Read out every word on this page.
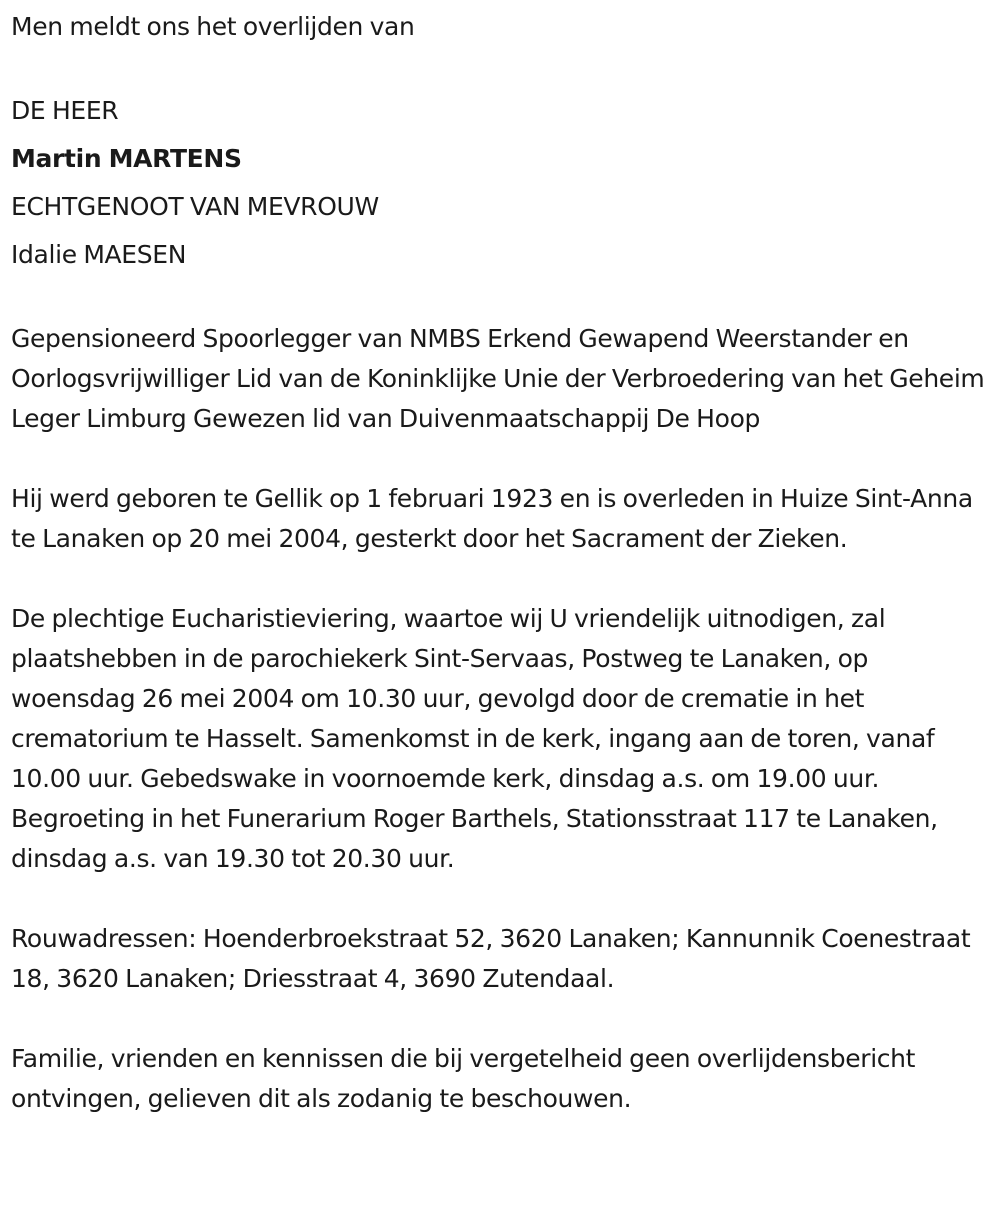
Men meldt ons het overlijden van

DE HEER

Martin MARTENS

ECHTGENOOT VAN MEVROUW

Idalie MAESEN

Gepensioneerd Spoorlegger van NMBS Erkend Gewapend Weerstander en Oorlogsvrijwilliger Lid van de Koninklijke Unie der Verbroedering van het Geheim Leger Limburg Gewezen lid van Duivenmaatschappij De Hoop

Hij werd geboren te Gellik op 1 februari 1923 en is overleden in Huize Sint-Anna te Lanaken op 20 mei 2004, gesterkt door het Sacrament der Zieken.

De plechtige Eucharistieviering, waartoe wij U vriendelijk uitnodigen, zal plaatshebben in de parochiekerk Sint-Servaas, Postweg te Lanaken, op woensdag 26 mei 2004 om 10.30 uur, gevolgd door de crematie in het crematorium te Hasselt. Samenkomst in de kerk, ingang aan de toren, vanaf 10.00 uur. Gebedswake in voornoemde kerk, dinsdag a.s. om 19.00 uur. Begroeting in het Funerarium Roger Barthels, Stationsstraat 117 te Lanaken, dinsdag a.s. van 19.30 tot 20.30 uur.

Rouwadressen: Hoenderbroekstraat 52, 3620 Lanaken; Kannunnik Coenestraat 18, 3620 Lanaken; Driesstraat 4, 3690 Zutendaal.

Familie, vrienden en kennissen die bij vergetelheid geen overlijdensbericht ontvingen, gelieven dit als zodanig te beschouwen.
